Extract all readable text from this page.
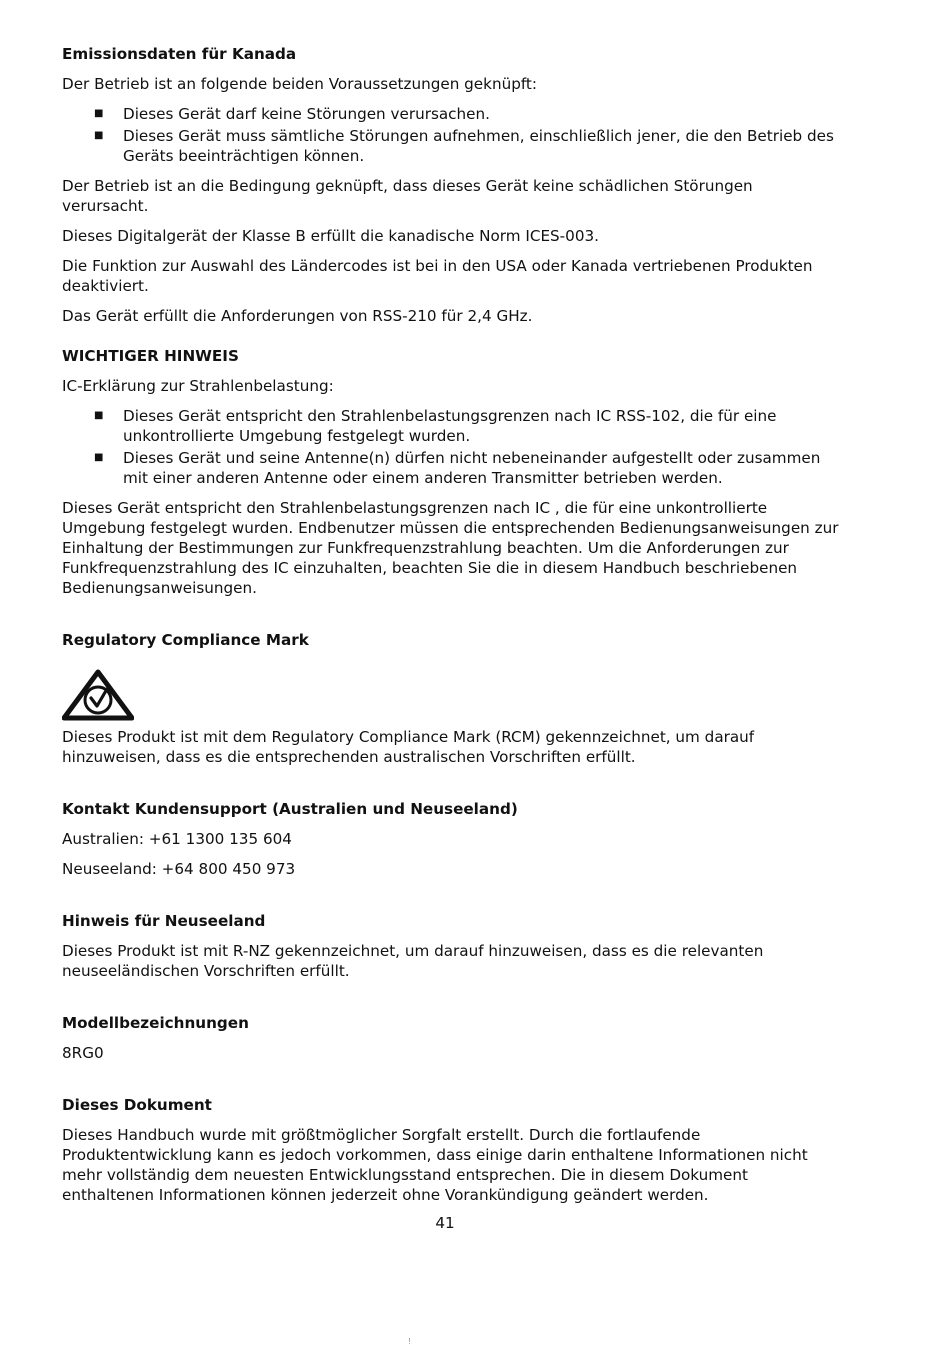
Emissionsdaten für Kanada

Der Betrieb ist an folgende beiden Voraussetzungen geknüpft:

■ Dieses Gerät darf keine Störungen verursachen.
■ Dieses Gerät muss sämtliche Störungen aufnehmen, einschließlich jener, die den Betrieb des Geräts beeinträchtigen können.

Der Betrieb ist an die Bedingung geknüpft, dass dieses Gerät keine schädlichen Störungen verursacht.

Dieses Digitalgerät der Klasse B erfüllt die kanadische Norm ICES-003.

Die Funktion zur Auswahl des Ländercodes ist bei in den USA oder Kanada vertriebenen Produkten deaktiviert.

Das Gerät erfüllt die Anforderungen von RSS-210 für 2,4 GHz.

WICHTIGER HINWEIS

IC-Erklärung zur Strahlenbelastung:

■ Dieses Gerät entspricht den Strahlenbelastungsgrenzen nach IC RSS-102, die für eine unkontrollierte Umgebung festgelegt wurden.
■ Dieses Gerät und seine Antenne(n) dürfen nicht nebeneinander aufgestellt oder zusammen mit einer anderen Antenne oder einem anderen Transmitter betrieben werden.

Dieses Gerät entspricht den Strahlenbelastungsgrenzen nach IC , die für eine unkontrollierte Umgebung festgelegt wurden. Endbenutzer müssen die entsprechenden Bedienungsanweisungen zur Einhaltung der Bestimmungen zur Funkfrequenzstrahlung beachten. Um die Anforderungen zur Funkfrequenzstrahlung des IC einzuhalten, beachten Sie die in diesem Handbuch beschriebenen Bedienungsanweisungen.

Regulatory Compliance Mark

Dieses Produkt ist mit dem Regulatory Compliance Mark (RCM) gekennzeichnet, um darauf hinzuweisen, dass es die entsprechenden australischen Vorschriften erfüllt.

Kontakt Kundensupport (Australien und Neuseeland)

Australien: +61 1300 135 604

Neuseeland: +64 800 450 973

Hinweis für Neuseeland

Dieses Produkt ist mit R-NZ gekennzeichnet, um darauf hinzuweisen, dass es die relevanten neuseeländischen Vorschriften erfüllt.

Modellbezeichnungen

8RG0

Dieses Dokument

Dieses Handbuch wurde mit größtmöglicher Sorgfalt erstellt. Durch die fortlaufende Produktentwicklung kann es jedoch vorkommen, dass einige darin enthaltene Informationen nicht mehr vollständig dem neuesten Entwicklungsstand entsprechen. Die in diesem Dokument enthaltenen Informationen können jederzeit ohne Vorankündigung geändert werden.

41
!
